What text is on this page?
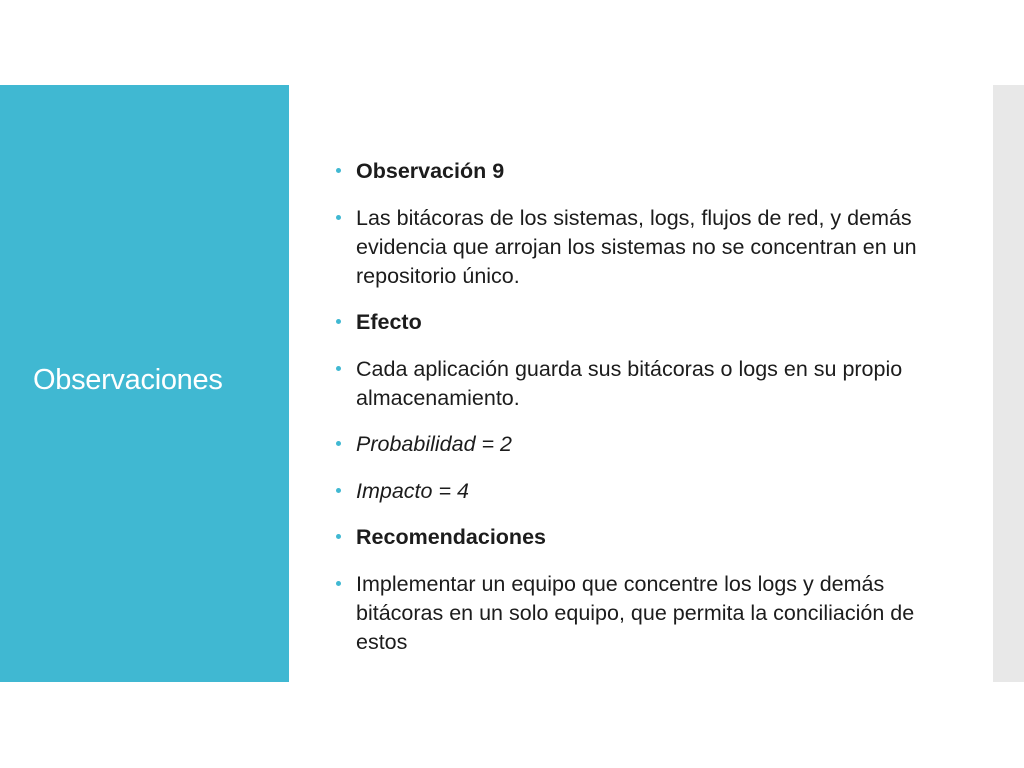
Observaciones
Observación 9
Las bitácoras de los sistemas, logs, flujos de red, y demás evidencia que arrojan los sistemas no se concentran en un repositorio único.
Efecto
Cada aplicación guarda sus bitácoras o logs en su propio almacenamiento.
Probabilidad = 2
Impacto = 4
Recomendaciones
Implementar un equipo que concentre los logs y demás bitácoras en un solo equipo, que permita la conciliación de estos
